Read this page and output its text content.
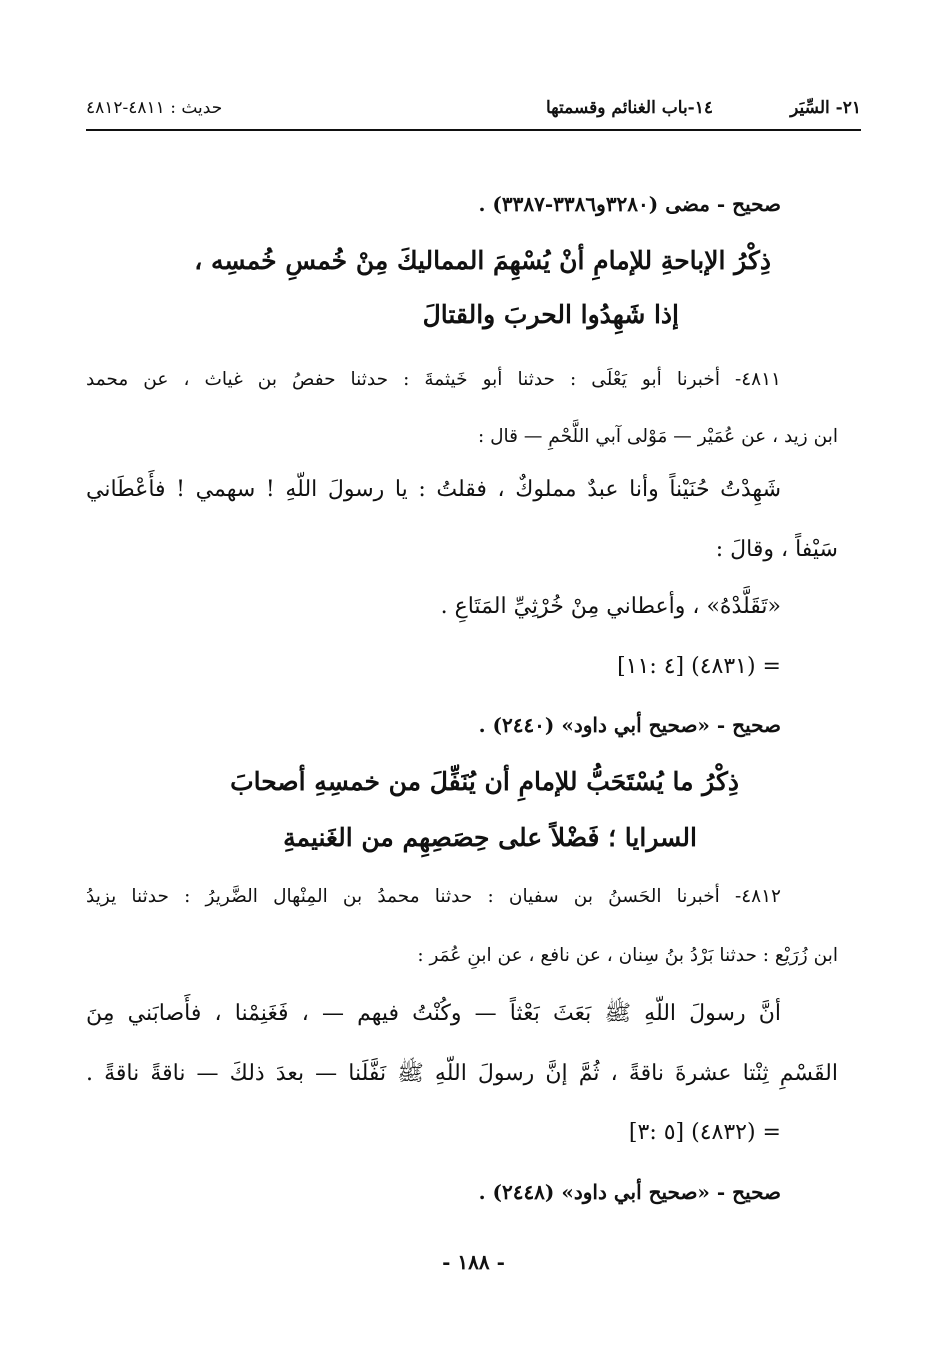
٢١- السِّيَر
١٤-باب الغنائم وقسمتها
حديث : ٤٨١١-٤٨١٢
صحيح - مضى (٣٢٨٠و٣٣٨٦-٣٣٨٧) .
ذِكْرُ الإباحةِ للإمامِ أنْ يُسْهِمَ المماليكَ مِنْ خُمسِ خُمسِه ،
إذا شَهِدُوا الحربَ والقتالَ
٤٨١١- أخبرنا أبو يَعْلَى : حدثنا أبو خَيثمةَ : حدثنا حفصُ بن غياث ، عن محمد
ابن زيد ، عن عُمَيْر — مَوْلى آبي اللَّحْمِ — قال :
شَهِدْتُ حُنَيْناً وأنا عبدٌ مملوكٌ ، فقلتُ : يا رسولَ اللّهِ ! سهمي ! فأَعْطَاني
سَيْفاً ، وقالَ :
«تَقَلَّدْهُ» ، وأعطاني مِنْ خُرْثِيِّ المَتَاعِ .
= (٤٨٣١) [٤ :١١]
صحيح - «صحيح أبي داود» (٢٤٤٠) .
ذِكْرُ ما يُسْتَحَبُّ للإمامِ أن يُنَفِّلَ من خمسِهِ أصحابَ
السرايا ؛ فَضْلاً على حِصَصِهِم من الغَنيمةِ
٤٨١٢- أخبرنا الحَسنُ بن سفيان : حدثنا محمدُ بن المِنْهال الضَّريرُ : حدثنا يزيدُ
ابن زُرَيْع : حدثنا بَرْدُ بنُ سِنان ، عن نافع ، عن ابنِ عُمَر :
أنَّ رسولَ اللّهِ ﷺ بَعَثَ بَعْثاً — وكُنْتُ فيهم — ، فَغَنِمْنا ، فأَصابَني مِنَ
القَسْمِ ثِنْتا عشرةَ ناقةً ، ثُمَّ إنَّ رسولَ اللّهِ ﷺ نَفَّلَنا — بعدَ ذلكَ — ناقةً ناقةً .
= (٤٨٣٢) [٥ :٣]
صحيح - «صحيح أبي داود» (٢٤٤٨) .
- ١٨٨ -
